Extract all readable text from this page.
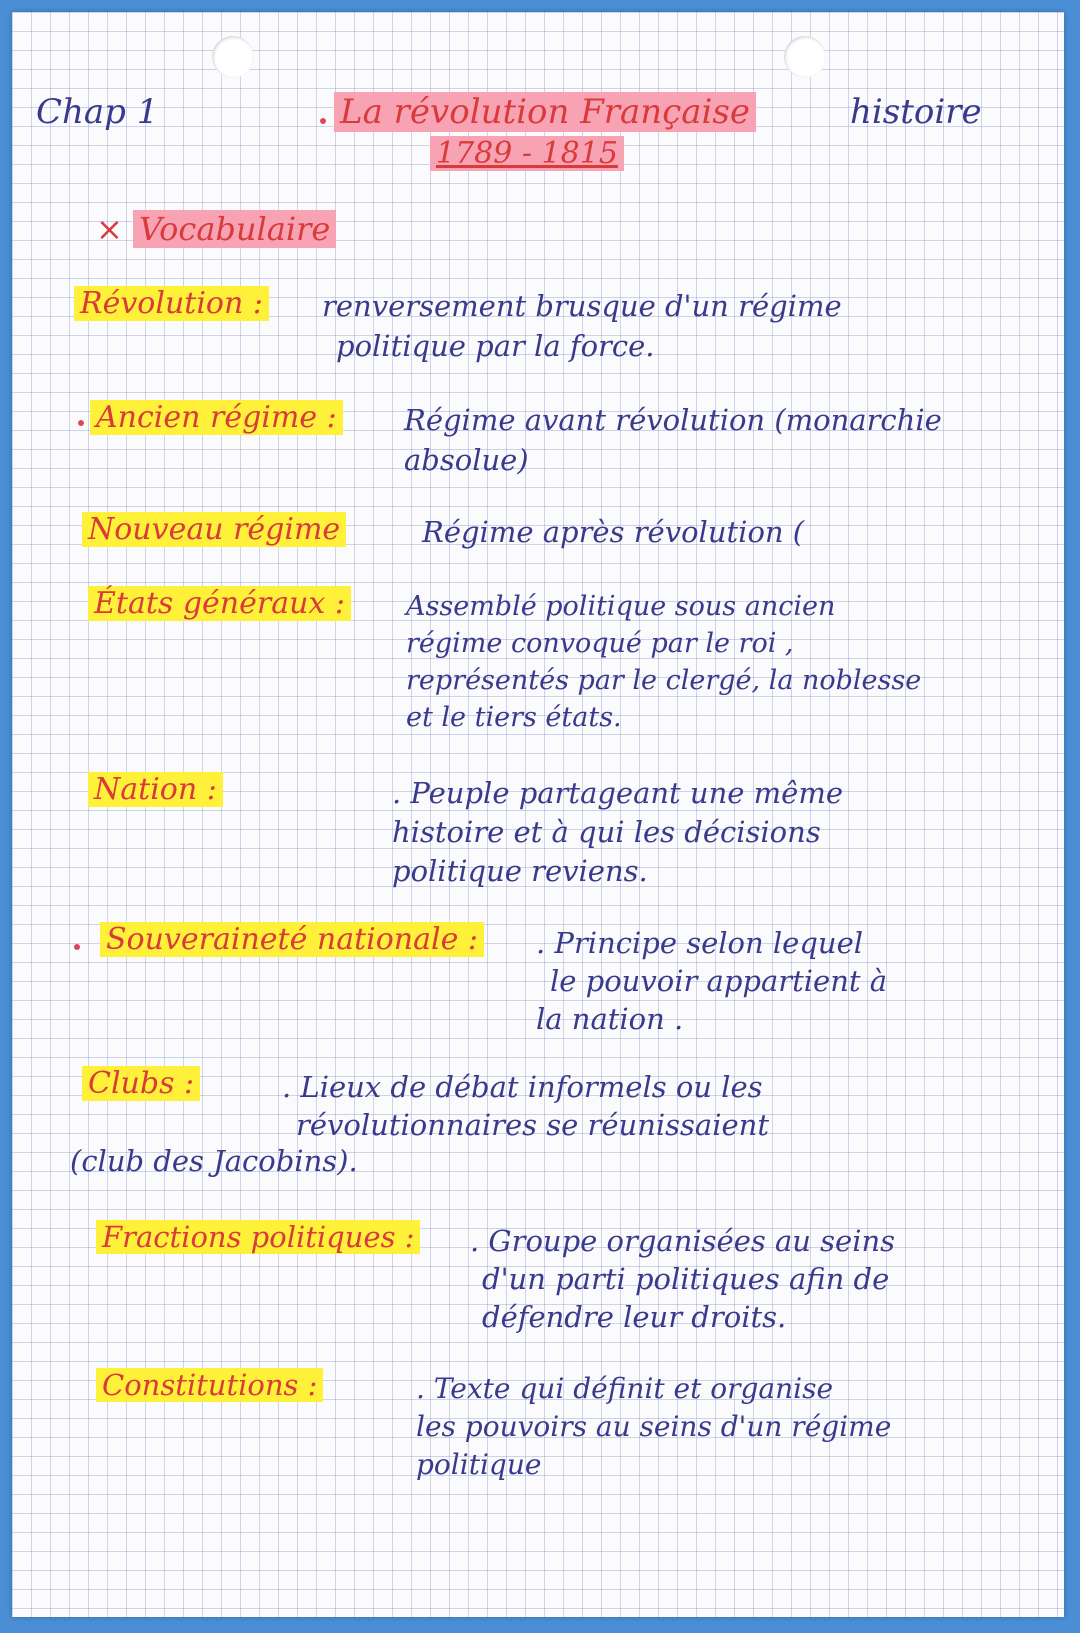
Chap 1	La révolution Française
1789 - 1815
histoire
× Vocabulaire
Révolution : renversement brusque d'un régime
politique par la force.
Ancien régime : Régime avant révolution (monarchie
absolue)
Nouveau régime	Régime après révolution (
États généraux : Assemblé politique sous ancien
régime convoqué par le roi ,
représentés par le clergé, la noblesse
et le tiers états.
Nation :	. Peuple partageant une même
histoire et à qui les décisions
politique reviens.
Souveraineté nationale : . Principe selon lequel
le pouvoir appartient à
la nation .
Clubs :	. Lieux de débat informels ou les
révolutionnaires se réunissaient
(club des Jacobins).
Fractions politiques : . Groupe organisées au seins
d'un parti politiques afin de
défendre leur droits.
Constitutions :	. Texte qui définit et organise
les pouvoirs au seins d'un régime
politique
